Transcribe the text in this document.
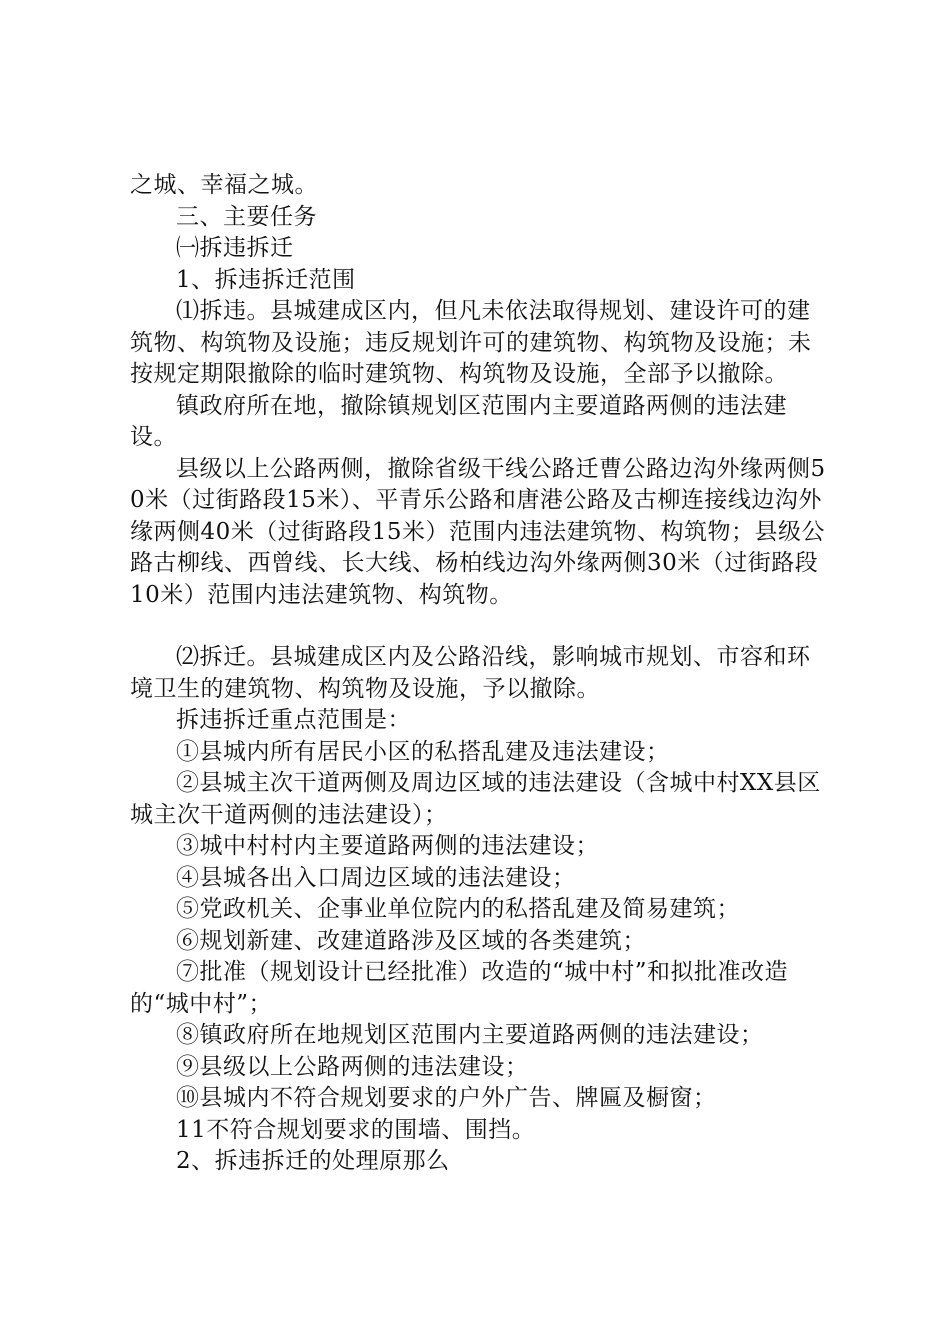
之城、幸福之城。

三、主要任务

㈠拆违拆迁

1、拆违拆迁范围

⑴拆违。县城建成区内，但凡未依法取得规划、建设许可的建筑物、构筑物及设施；违反规划许可的建筑物、构筑物及设施；未按规定期限撤除的临时建筑物、构筑物及设施，全部予以撤除。

镇政府所在地，撤除镇规划区范围内主要道路两侧的违法建设。

县级以上公路两侧，撤除省级干线公路迁曹公路边沟外缘两侧50米（过街路段15米）、平青乐公路和唐港公路及古柳连接线边沟外缘两侧40米（过街路段15米）范围内违法建筑物、构筑物；县级公路古柳线、西曾线、长大线、杨柏线边沟外缘两侧30米（过街路段10米）范围内违法建筑物、构筑物。

⑵拆迁。县城建成区内及公路沿线，影响城市规划、市容和环境卫生的建筑物、构筑物及设施，予以撤除。

拆违拆迁重点范围是：

①县城内所有居民小区的私搭乱建及违法建设；

②县城主次干道两侧及周边区域的违法建设（含城中村XX县区城主次干道两侧的违法建设）；

③城中村村内主要道路两侧的违法建设；

④县城各出入口周边区域的违法建设；

⑤党政机关、企事业单位院内的私搭乱建及简易建筑；

⑥规划新建、改建道路涉及区域的各类建筑；

⑦批准（规划设计已经批准）改造的“城中村”和拟批准改造的“城中村”；

⑧镇政府所在地规划区范围内主要道路两侧的违法建设；

⑨县级以上公路两侧的违法建设；

⑩县城内不符合规划要求的户外广告、牌匾及橱窗；

11不符合规划要求的围墙、围挡。

2、拆违拆迁的处理原那么
